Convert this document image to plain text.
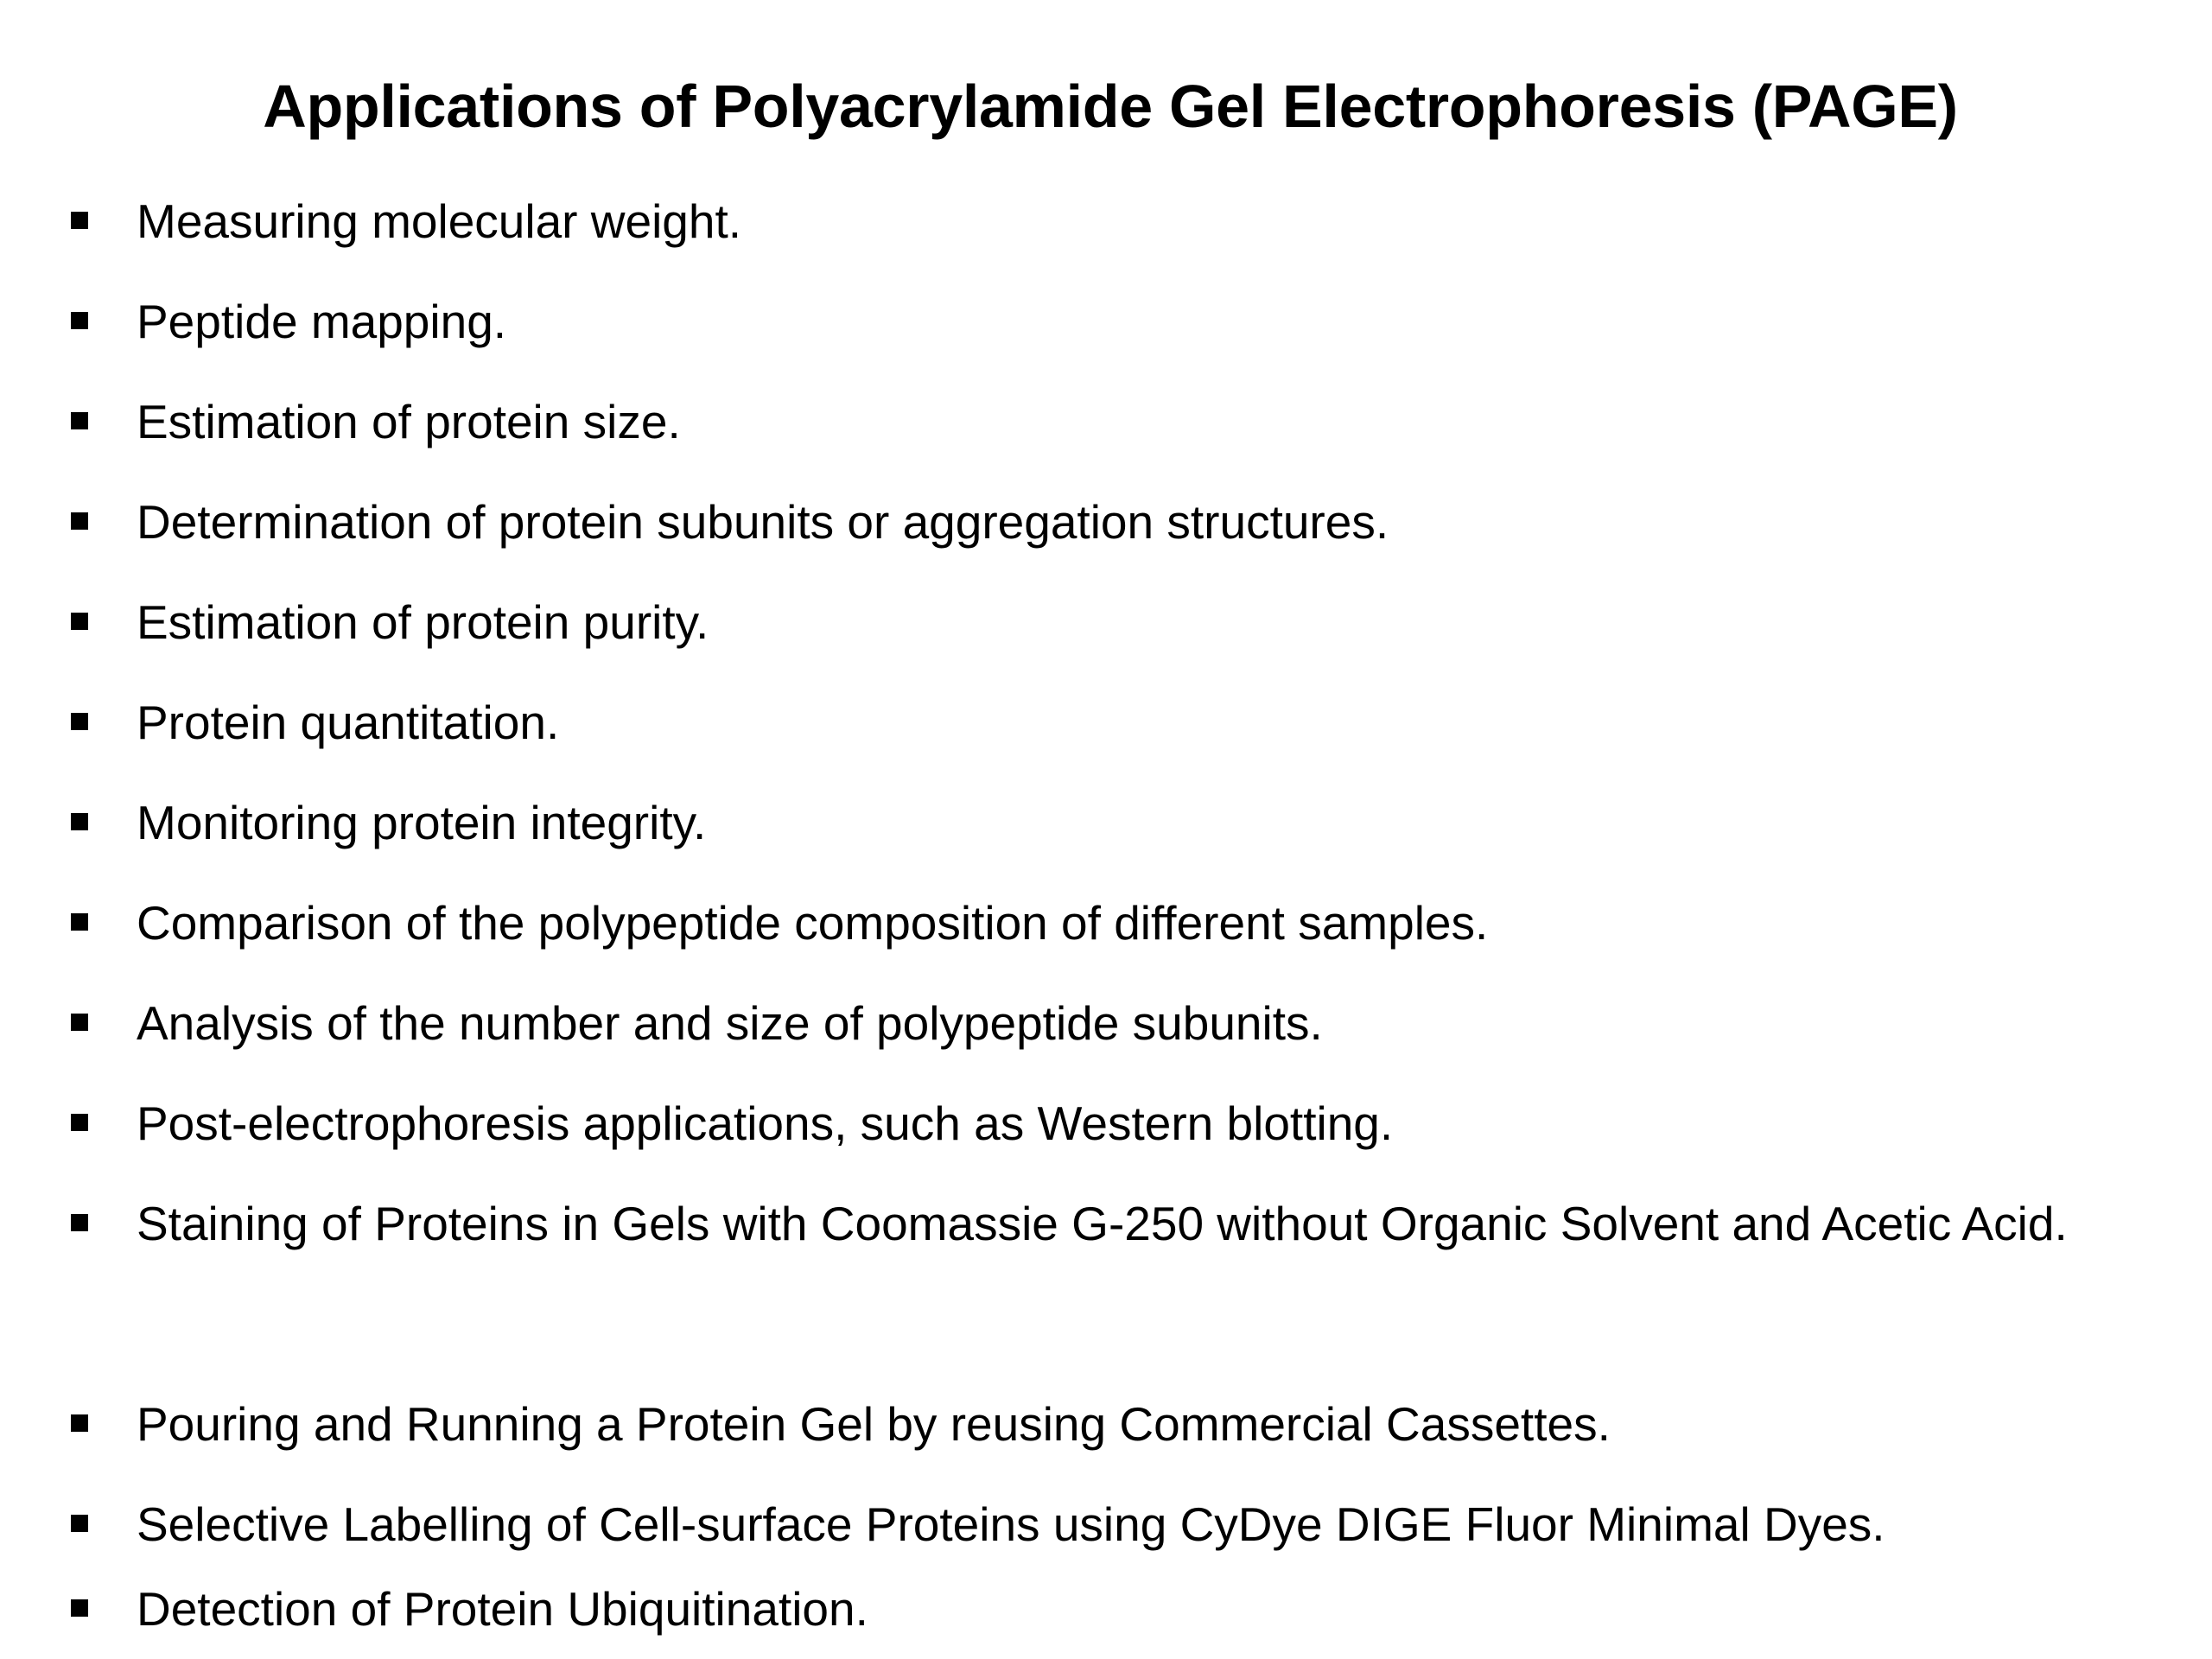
Applications of Polyacrylamide Gel Electrophoresis (PAGE)
Measuring molecular weight.
Peptide mapping.
Estimation of protein size.
Determination of protein subunits or aggregation structures.
Estimation of protein purity.
Protein quantitation.
Monitoring protein integrity.
Comparison of the polypeptide composition of different samples.
Analysis of the number and size of polypeptide subunits.
Post-electrophoresis applications, such as Western blotting.
Staining of Proteins in Gels with Coomassie G-250 without Organic Solvent and Acetic Acid.
Pouring and Running a Protein Gel by reusing Commercial Cassettes.
Selective Labelling of Cell-surface Proteins using CyDye DIGE Fluor Minimal Dyes.
Detection of Protein Ubiquitination.
